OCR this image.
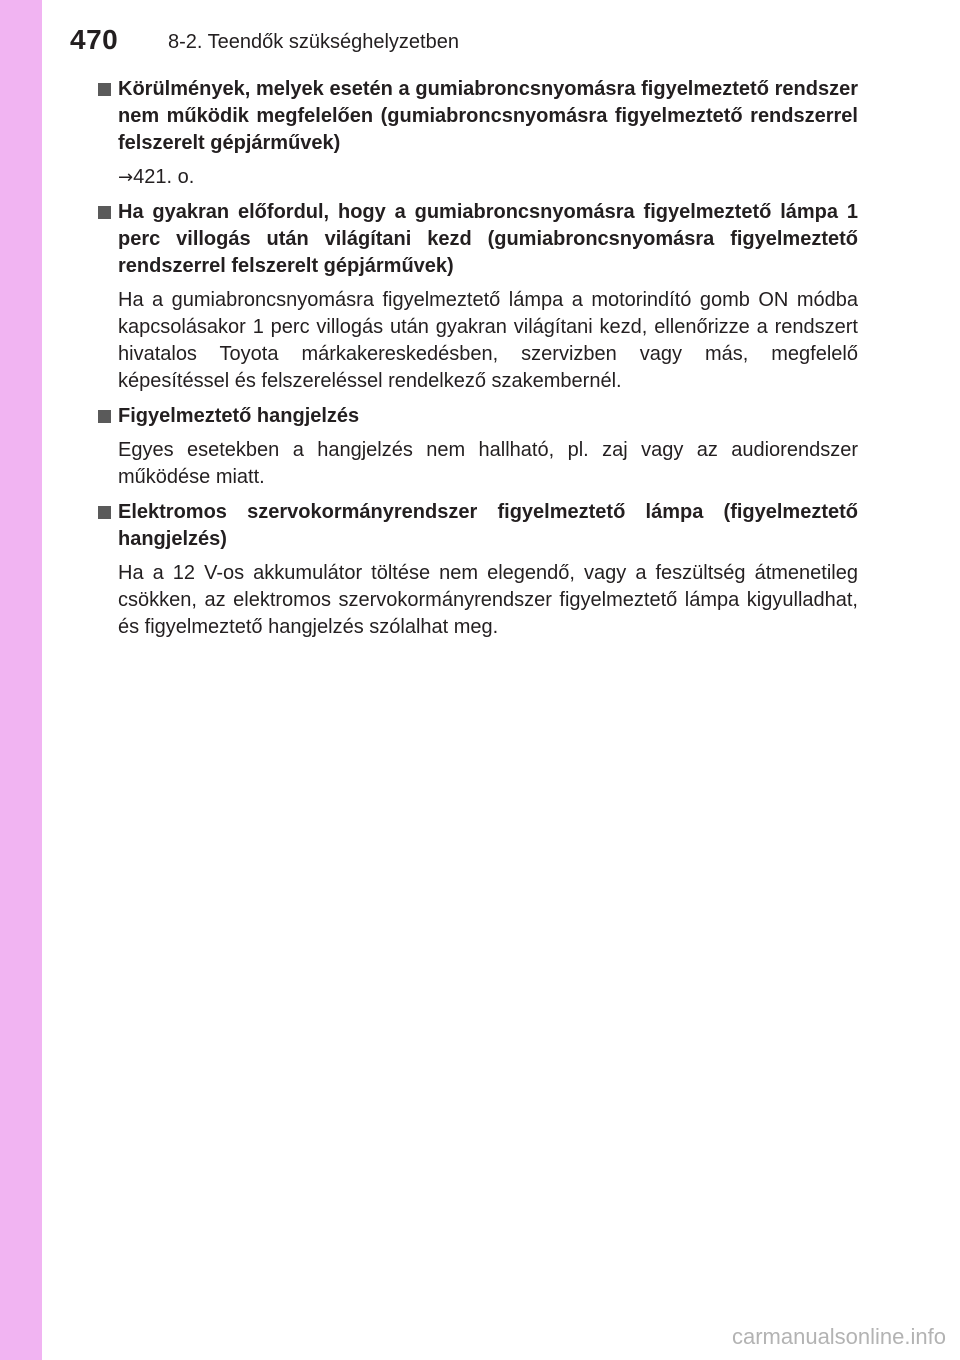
470 8-2. Teendők szükséghelyzetben
Körülmények, melyek esetén a gumiabroncsnyomásra figyelmeztető rendszer nem működik megfelelően (gumiabroncsnyomásra figyelmeztető rendszerrel felszerelt gépjárművek)
→421. o.
Ha gyakran előfordul, hogy a gumiabroncsnyomásra figyelmeztető lámpa 1 perc villogás után világítani kezd (gumiabroncsnyomásra figyelmeztető rendszerrel felszerelt gépjárművek)
Ha a gumiabroncsnyomásra figyelmeztető lámpa a motorindító gomb ON módba kapcsolásakor 1 perc villogás után gyakran világítani kezd, ellenőrizze a rendszert hivatalos Toyota márkakereskedésben, szervizben vagy más, megfelelő képesítéssel és felszereléssel rendelkező szakembernél.
Figyelmeztető hangjelzés
Egyes esetekben a hangjelzés nem hallható, pl. zaj vagy az audiorendszer működése miatt.
Elektromos szervokormányrendszer figyelmeztető lámpa (figyelmeztető hangjelzés)
Ha a 12 V-os akkumulátor töltése nem elegendő, vagy a feszültség átmenetileg csökken, az elektromos szervokormányrendszer figyelmeztető lámpa kigyulladhat, és figyelmeztető hangjelzés szólalhat meg.
carmanualsonline.info
